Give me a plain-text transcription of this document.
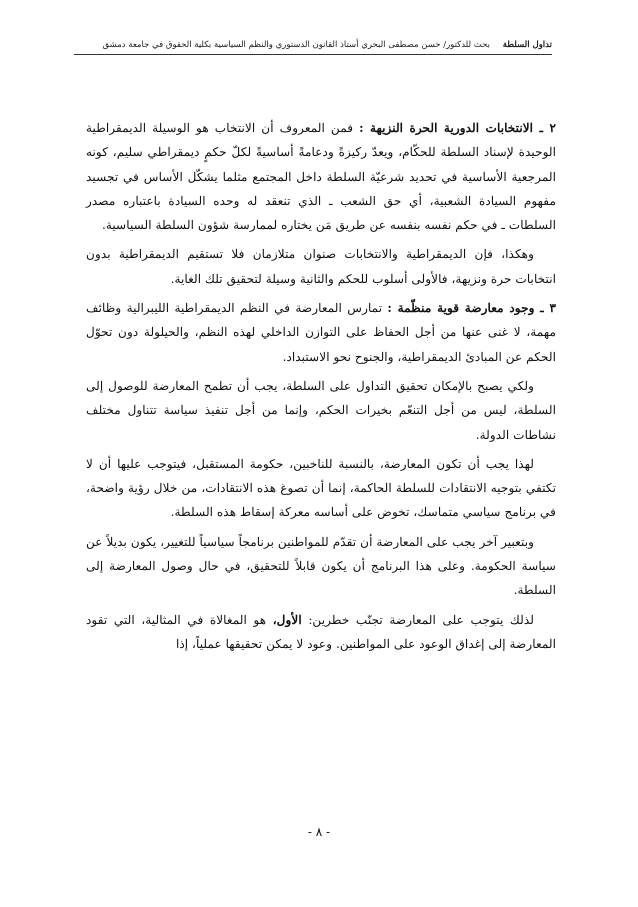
تداول السلطة بحث للدكتور/ حسن مصطفى البحري أستاذ القانون الدستوري والنظم السياسية بكلية الحقوق في جامعة دمشق

٢ ـ الانتخابات الدورية الحرة النزيهة : فمن المعروف أن الانتخاب هو الوسيلة الديمقراطية الوحيدة لإسناد السلطة للحكّام، ويعدّ ركيزةً ودعامةً أساسيةً لكلّ حكمٍ ديمقراطي سليم، كونه المرجعية الأساسية في تحديد شرعيّة السلطة داخل المجتمع مثلما يشكّل الأساس في تجسيد مفهوم السيادة الشعبية، أي حق الشعب ـ الذي تنعقد له وحده السيادة باعتباره مصدر السلطات ـ في حكم نفسه بنفسه عن طريق مَن يختاره لممارسة شؤون السلطة السياسية.

وهكذا، فإن الديمقراطية والانتخابات صنوان متلازمان فلا تستقيم الديمقراطية بدون انتخابات حرة ونزيهة، فالأولى أسلوب للحكم والثانية وسيلة لتحقيق تلك الغاية.

٣ ـ وجود معارضة قوية منظّمة : تمارس المعارضة في النظم الديمقراطية الليبرالية وظائف مهمة، لا غنى عنها من أجل الحفاظ على التوازن الداخلي لهذه النظم، والحيلولة دون تحوّل الحكم عن المبادئ الديمقراطية، والجنوح نحو الاستبداد.

ولكي يصبح بالإمكان تحقيق التداول على السلطة، يجب أن تطمح المعارضة للوصول إلى السلطة، ليس من أجل التنعّم بخيرات الحكم، وإنما من أجل تنفيذ سياسة تتناول مختلف نشاطات الدولة.

لهذا يجب أن تكون المعارضة، بالنسبة للناخبين، حكومة المستقبل، فيتوجب عليها أن لا تكتفي بتوجيه الانتقادات للسلطة الحاكمة، إنما أن تصوغ هذه الانتقادات، من خلال رؤية واضحة، في برنامج سياسي متماسك، تخوض على أساسه معركة إسقاط هذه السلطة.

وبتعبير آخر يجب على المعارضة أن تقدّم للمواطنين برنامجاً سياسياً للتغيير، يكون بديلاً عن سياسة الحكومة. وعلى هذا البرنامج أن يكون قابلاً للتحقيق، في حال وصول المعارضة إلى السلطة.

لذلك يتوجب على المعارضة تجنّب خطرين: الأول، هو المغالاة في المثالية، التي تقود المعارضة إلى إغداق الوعود على المواطنين. وعود لا يمكن تحقيقها عملياً، إذا

- ٨ -
